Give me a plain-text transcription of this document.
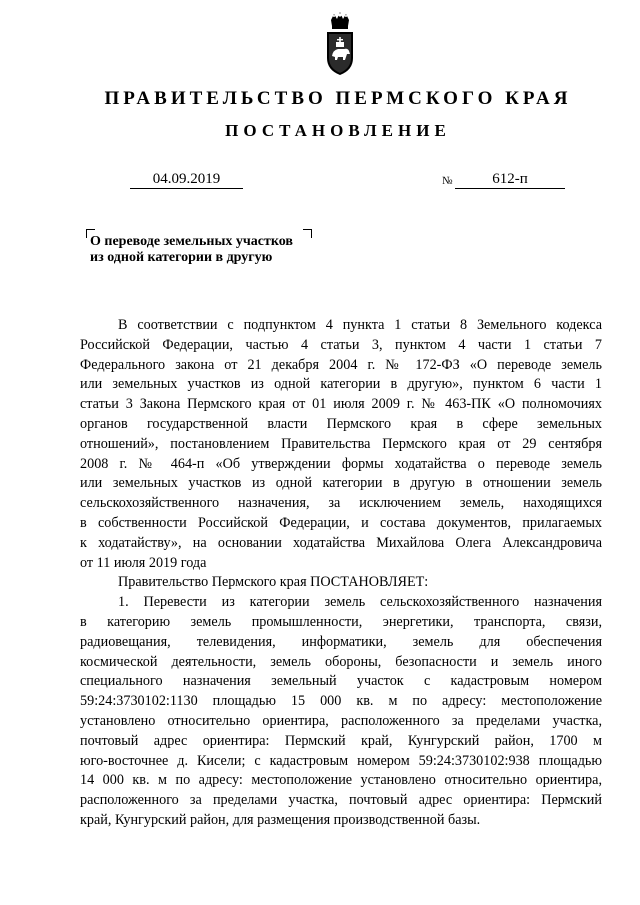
ПРАВИТЕЛЬСТВО ПЕРМСКОГО КРАЯ
ПОСТАНОВЛЕНИЕ
04.09.2019	№	612-п
О переводе земельных участков
из одной категории в другую
В соответствии с подпунктом 4 пункта 1 статьи 8 Земельного кодекса
Российской Федерации, частью 4 статьи 3, пунктом 4 части 1 статьи 7
Федерального закона от 21 декабря 2004 г. № 172-ФЗ «О переводе земель
или земельных участков из одной категории в другую», пунктом 6 части 1
статьи 3 Закона Пермского края от 01 июля 2009 г. № 463-ПК «О полномочиях
органов государственной власти Пермского края в сфере земельных
отношений», постановлением Правительства Пермского края от 29 сентября
2008 г. № 464-п «Об утверждении формы ходатайства о переводе земель
или земельных участков из одной категории в другую в отношении земель
сельскохозяйственного назначения, за исключением земель, находящихся
в собственности Российской Федерации, и состава документов, прилагаемых
к ходатайству», на основании ходатайства Михайлова Олега Александровича
от 11 июля 2019 года
Правительство Пермского края ПОСТАНОВЛЯЕТ:
1. Перевести из категории земель сельскохозяйственного назначения
в категорию земель промышленности, энергетики, транспорта, связи,
радиовещания, телевидения, информатики, земель для обеспечения
космической деятельности, земель обороны, безопасности и земель иного
специального назначения земельный участок с кадастровым номером
59:24:3730102:1130 площадью 15 000 кв. м по адресу: местоположение
установлено относительно ориентира, расположенного за пределами участка,
почтовый адрес ориентира: Пермский край, Кунгурский район, 1700 м
юго-восточнее д. Кисели; с кадастровым номером 59:24:3730102:938 площадью
14 000 кв. м по адресу: местоположение установлено относительно ориентира,
расположенного за пределами участка, почтовый адрес ориентира: Пермский
край, Кунгурский район, для размещения производственной базы.
